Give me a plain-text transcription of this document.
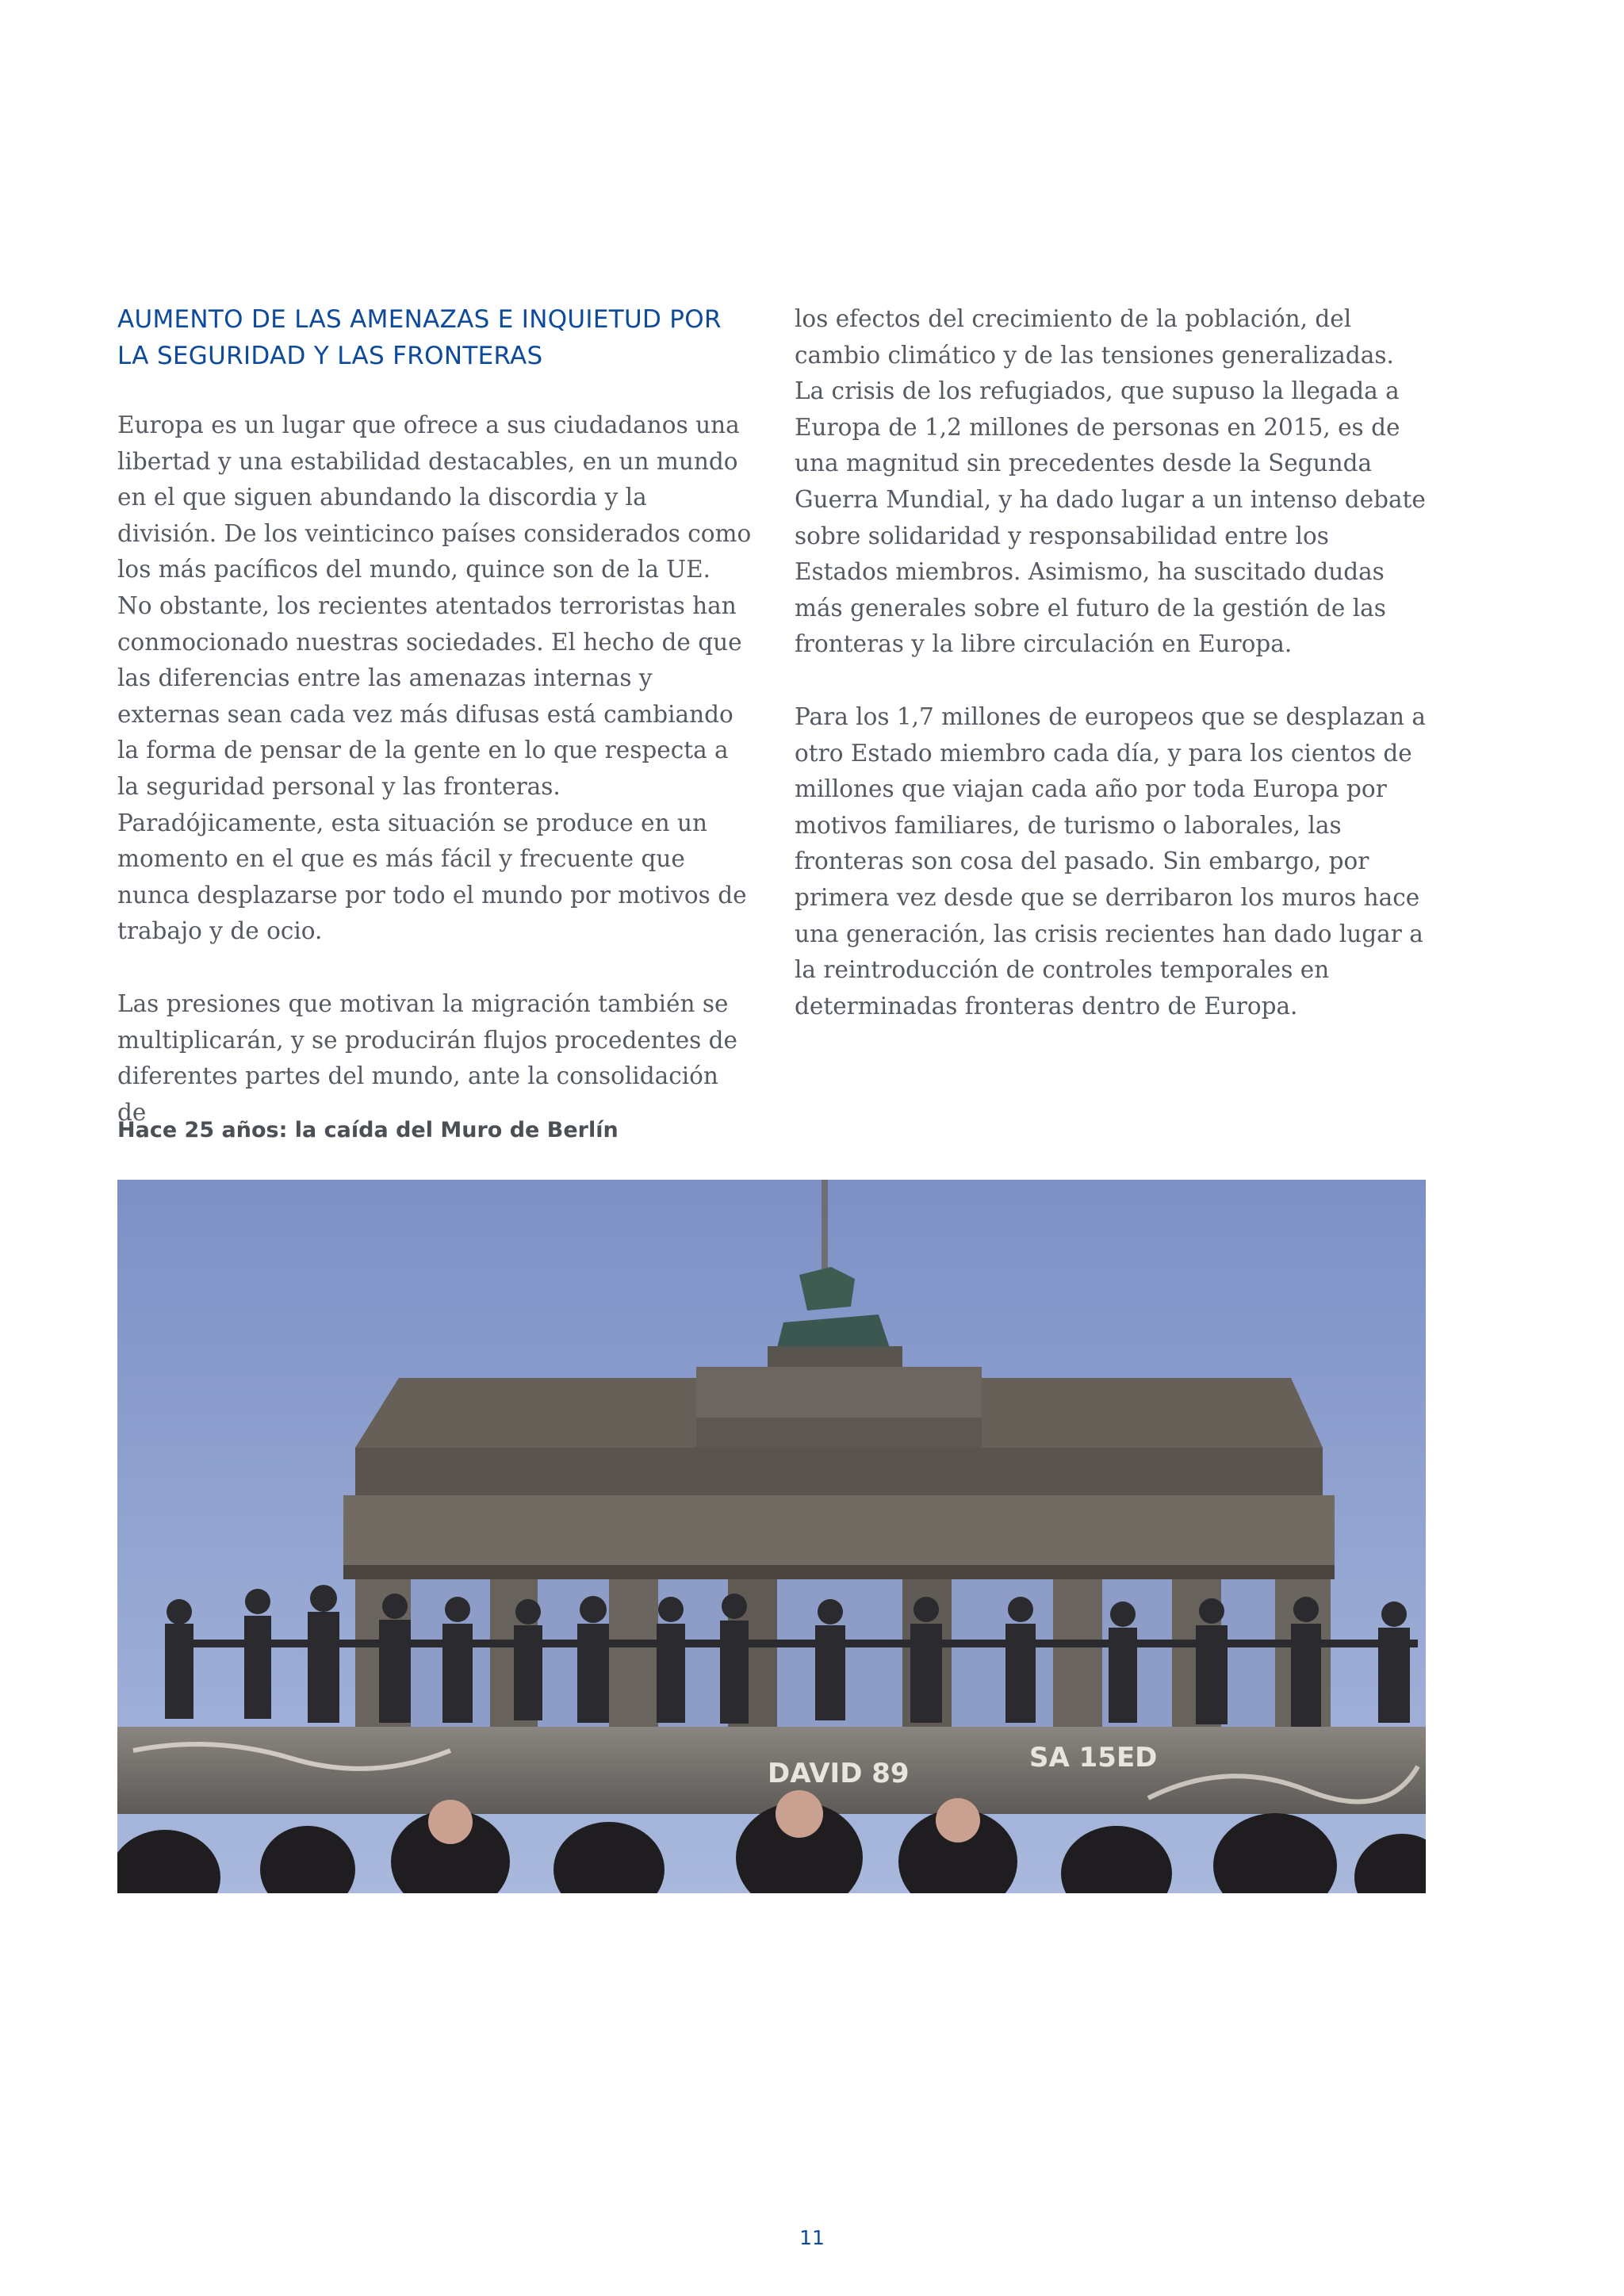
AUMENTO DE LAS AMENAZAS E INQUIETUD POR LA SEGURIDAD Y LAS FRONTERAS

Europa es un lugar que ofrece a sus ciudadanos una libertad y una estabilidad destacables, en un mundo en el que siguen abundando la discordia y la división. De los veinticinco países considerados como los más pacíficos del mundo, quince son de la UE. No obstante, los recientes atentados terroristas han conmocionado nuestras sociedades. El hecho de que las diferencias entre las amenazas internas y externas sean cada vez más difusas está cambiando la forma de pensar de la gente en lo que respecta a la seguridad personal y las fronteras. Paradójicamente, esta situación se produce en un momento en el que es más fácil y frecuente que nunca desplazarse por todo el mundo por motivos de trabajo y de ocio.

Las presiones que motivan la migración también se multiplicarán, y se producirán flujos procedentes de diferentes partes del mundo, ante la consolidación de

los efectos del crecimiento de la población, del cambio climático y de las tensiones generalizadas. La crisis de los refugiados, que supuso la llegada a Europa de 1,2 millones de personas en 2015, es de una magnitud sin precedentes desde la Segunda Guerra Mundial, y ha dado lugar a un intenso debate sobre solidaridad y responsabilidad entre los Estados miembros. Asimismo, ha suscitado dudas más generales sobre el futuro de la gestión de las fronteras y la libre circulación en Europa.

Para los 1,7 millones de europeos que se desplazan a otro Estado miembro cada día, y para los cientos de millones que viajan cada año por toda Europa por motivos familiares, de turismo o laborales, las fronteras son cosa del pasado. Sin embargo, por primera vez desde que se derribaron los muros hace una generación, las crisis recientes han dado lugar a la reintroducción de controles temporales en determinadas fronteras dentro de Europa.

Hace 25 años: la caída del Muro de Berlín

DAVID 89	SA 15ED
11
